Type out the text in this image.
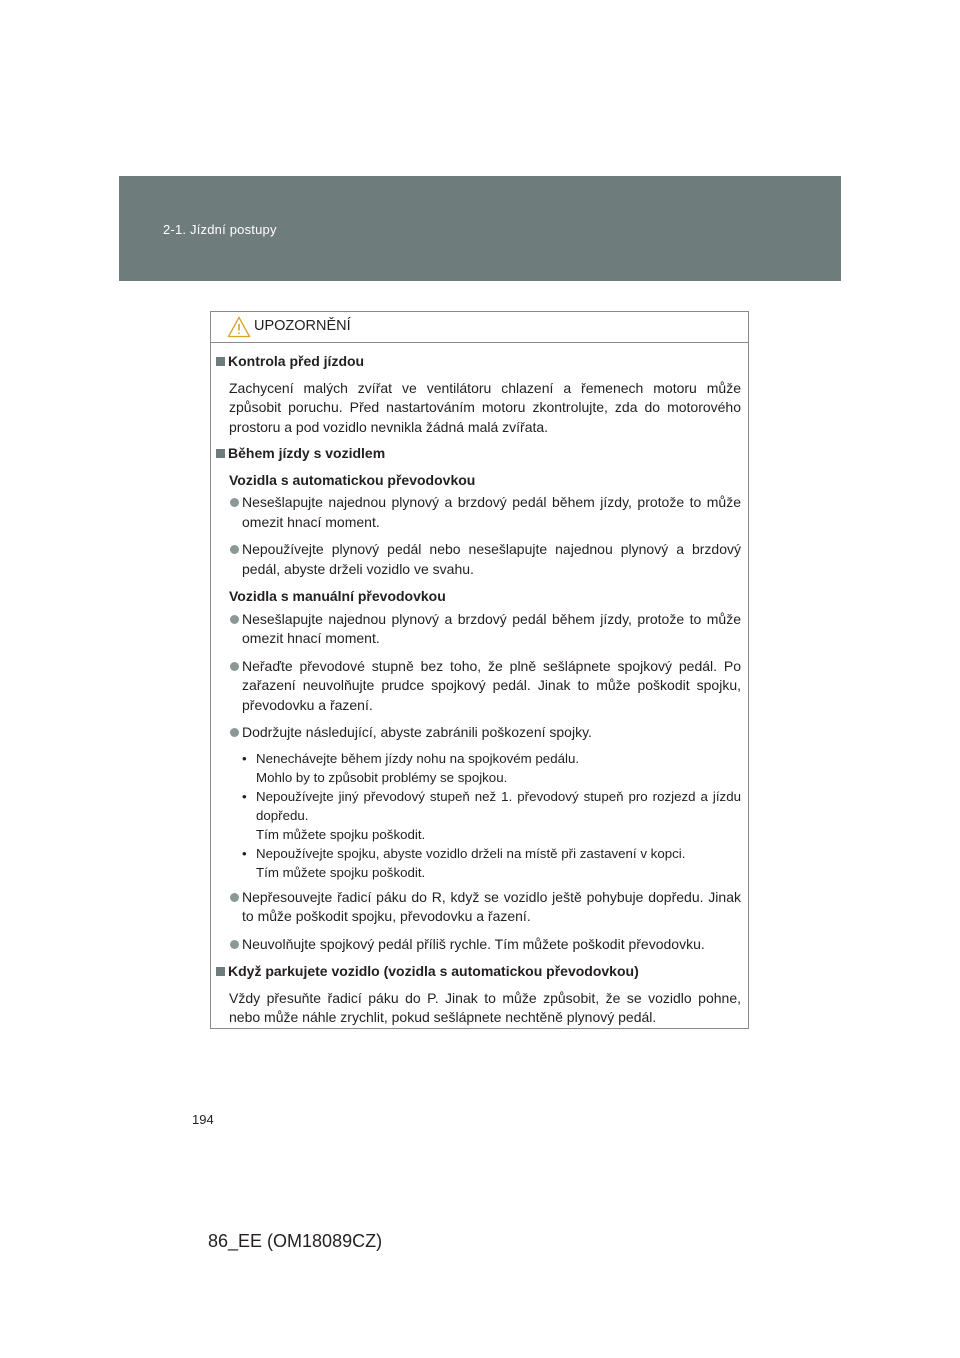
2-1. Jízdní postupy
UPOZORNĚNÍ
Kontrola před jízdou
Zachycení malých zvířat ve ventilátoru chlazení a řemenech motoru může způsobit poruchu. Před nastartováním motoru zkontrolujte, zda do motorového prostoru a pod vozidlo nevnikla žádná malá zvířata.
Během jízdy s vozidlem
Vozidla s automatickou převodovkou
Nesešlapujte najednou plynový a brzdový pedál během jízdy, protože to může omezit hnací moment.
Nepoužívejte plynový pedál nebo nesešlapujte najednou plynový a brzdový pedál, abyste drželi vozidlo ve svahu.
Vozidla s manuální převodovkou
Nesešlapujte najednou plynový a brzdový pedál během jízdy, protože to může omezit hnací moment.
Neřaďte převodové stupně bez toho, že plně sešlápnete spojkový pedál. Po zařazení neuvolňujte prudce spojkový pedál. Jinak to může poškodit spojku, převodovku a řazení.
Dodržujte následující, abyste zabránili poškození spojky.
• Nenechávejte během jízdy nohu na spojkovém pedálu.
Mohlo by to způsobit problémy se spojkou.
• Nepoužívejte jiný převodový stupeň než 1. převodový stupeň pro rozjezd a jízdu dopředu.
Tím můžete spojku poškodit.
• Nepoužívejte spojku, abyste vozidlo drželi na místě při zastavení v kopci.
Tím můžete spojku poškodit.
Nepřesouvejte řadicí páku do R, když se vozidlo ještě pohybuje dopředu. Jinak to může poškodit spojku, převodovku a řazení.
Neuvolňujte spojkový pedál příliš rychle. Tím můžete poškodit převodovku.
Když parkujete vozidlo (vozidla s automatickou převodovkou)
Vždy přesuňte řadicí páku do P. Jinak to může způsobit, že se vozidlo pohne, nebo může náhle zrychlit, pokud sešlápnete nechtěně plynový pedál.
194
86_EE (OM18089CZ)
